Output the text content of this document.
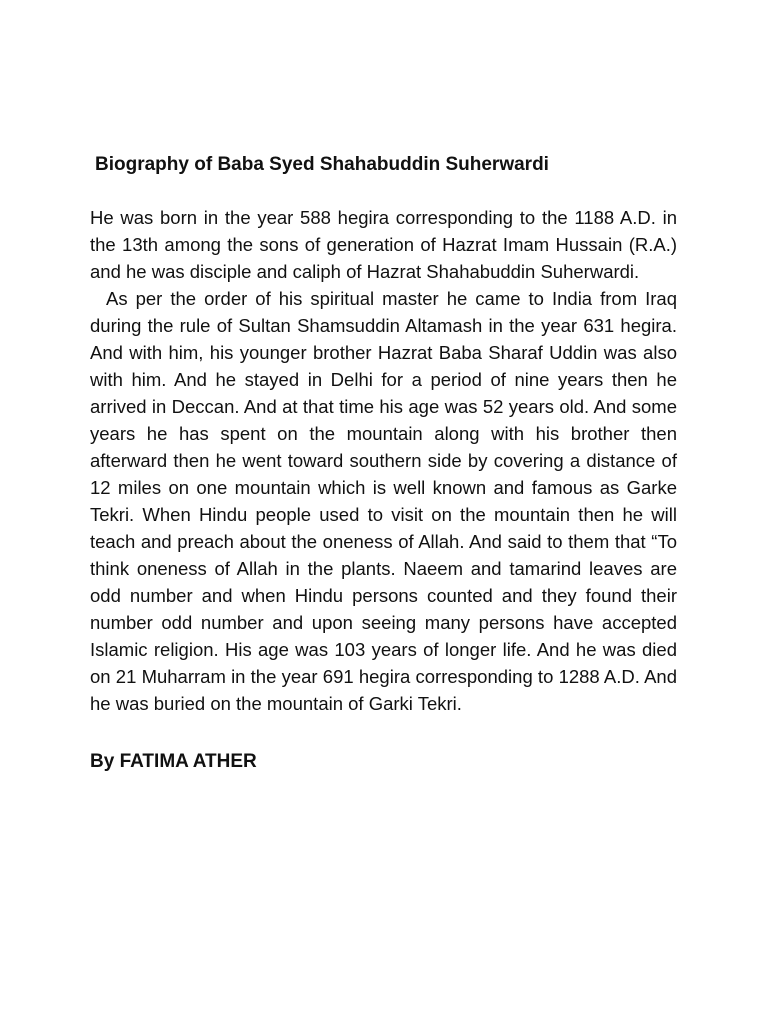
Biography of Baba Syed Shahabuddin Suherwardi

He was born in the year 588 hegira corresponding to the 1188 A.D. in the 13th among the sons of generation of Hazrat Imam Hussain (R.A.) and he was disciple and caliph of Hazrat Shahabuddin Suherwardi.

As per the order of his spiritual master he came to India from Iraq during the rule of Sultan Shamsuddin Altamash in the year 631 hegira. And with him, his younger brother Hazrat Baba Sharaf Uddin was also with him. And he stayed in Delhi for a period of nine years then he arrived in Deccan. And at that time his age was 52 years old. And some years he has spent on the mountain along with his brother then afterward then he went toward southern side by covering a distance of 12 miles on one mountain which is well known and famous as Garke Tekri. When Hindu people used to visit on the mountain then he will teach and preach about the oneness of Allah. And said to them that “To think oneness of Allah in the plants. Naeem and tamarind leaves are odd number and when Hindu persons counted and they found their number odd number and upon seeing many persons have accepted Islamic religion. His age was 103 years of longer life. And he was died on 21 Muharram in the year 691 hegira corresponding to 1288 A.D. And he was buried on the mountain of Garki Tekri.

By FATIMA ATHER
